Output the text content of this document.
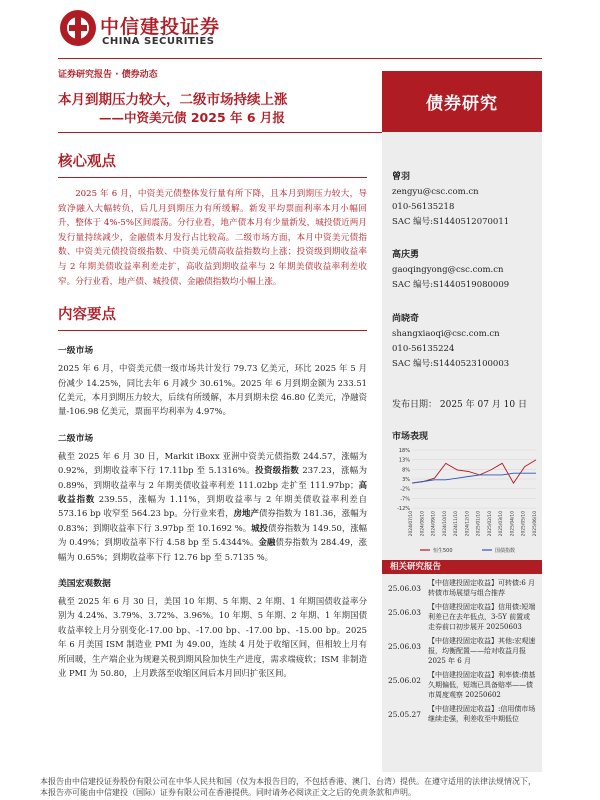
中信建投证券
CHINA SECURITIES
证券研究报告 · 债券动态
本月到期压力较大，二级市场持续上涨
——中资美元债 2025 年 6 月报
债券研究
核心观点
2025 年 6 月，中资美元债整体发行量有所下降，且本月到期压力较大，导致净融入大幅转负，后几月到期压力有所缓解。新发平均票面利率本月小幅回升，整体于 4%-5%区间震荡。分行业看，地产债本月有少量新发，城投债近两月发行量持续减少，金融债本月发行占比较高。二级市场方面，本月中资美元债指数、中资美元债投资级指数、中资美元债高收益指数均上涨；投资级到期收益率与 2 年期美债收益率利差走扩，高收益到期收益率与 2 年期美债收益率利差收窄。分行业看，地产债、城投债、金融债指数均小幅上涨。
内容要点
一级市场
2025 年 6 月，中资美元债一级市场共计发行 79.73 亿美元，环比 2025 年 5 月份减少 14.25%，同比去年 6 月减少 30.61%。2025 年 6 月到期金额为 233.51 亿美元，本月到期压力较大，后续有所缓解，本月到期未偿 46.80 亿美元，净融资量-106.98 亿美元，票面平均利率为 4.97%。
二级市场
截至 2025 年 6 月 30 日，Markit iBoxx 亚洲中资美元债指数 244.57，涨幅为 0.92%，到期收益率下行 17.11bp 至 5.1316%。投资级指数 237.23，涨幅为 0.89%，到期收益率与 2 年期美债收益率利差 111.02bp 走扩至 111.97bp；高收益指数 239.55，涨幅为 1.11%，到期收益率与 2 年期美债收益率利差自 573.16 bp 收窄至 564.23 bp。分行业来看，房地产债券指数为 181.36，涨幅为 0.83%；到期收益率下行 3.97bp 至 10.1692 %。城投债券指数为 149.50，涨幅为 0.49%；到期收益率下行 4.58 bp 至 5.4344%。金融债券指数为 284.49，涨幅为 0.65%；到期收益率下行 12.76 bp 至 5.7135 %。
美国宏观数据
截至 2025 年 6 月 30 日，美国 10 年期、5 年期、2 年期、1 年期国债收益率分别为 4.24%、3.79%、3.72%、3.96%。10 年期、5 年期、2 年期、1 年期国债收益率较上月分别变化-17.00 bp、-17.00 bp、-17.00 bp、-15.00 bp。2025 年 6 月美国 ISM 制造业 PMI 为 49.00，连续 4 月处于收缩区间，但相较上月有所回暖，生产端企业为规避关税到期风险加快生产进度，需求端疲软；ISM 非制造业 PMI 为 50.80，上月跌落至收缩区间后本月回归扩张区间。
曾羽
zengyu@csc.com.cn
010-56135218
SAC 编号:S1440512070011
高庆勇
gaoqingyong@csc.com.cn
SAC 编号:S1440519080009
尚晓奇
shangxiaoqi@csc.com.cn
010-56135224
SAC 编号:S1440523100003
发布日期： 2025 年 07 月 10 日
市场表现
18%
13%
8%
3%
-2%
-7%
-12%
2024/07/10 2024/08/10 2024/09/10 2024/10/10 2024/11/10 2024/12/10 2025/01/10 2025/02/10 2025/03/10 2025/04/10 2025/05/10 2025/06/10
恒生500	国债指数
相关研究报告
25.06.03
【中信建投固定收益】可转债:6 月转债市场展望与组合推荐
25.06.03
【中信建投固定收益】信用债:短端利差已在去年低点，3-5Y 前置或走券前口初步展开 20250603
25.06.03
【中信建投固定收益】其他:宏观速报，均衡配置——给对收益月报 2025 年 6 月
25.06.02
【中信建投固定收益】利率债:债基久期偏低，短端已具备赔率——债市周度观察 20250602
25.05.27
【中信建投固定收益】:信用债市场继续走强，利差收至中期低位
本报告由中信建投证券股份有限公司在中华人民共和国（仅为本报告目的，不包括香港、澳门、台湾）提供。在遵守适用的法律法规情况下，
本报告亦可能由中信建投（国际）证券有限公司在香港提供。同时请务必阅读正文之后的免责条款和声明。
